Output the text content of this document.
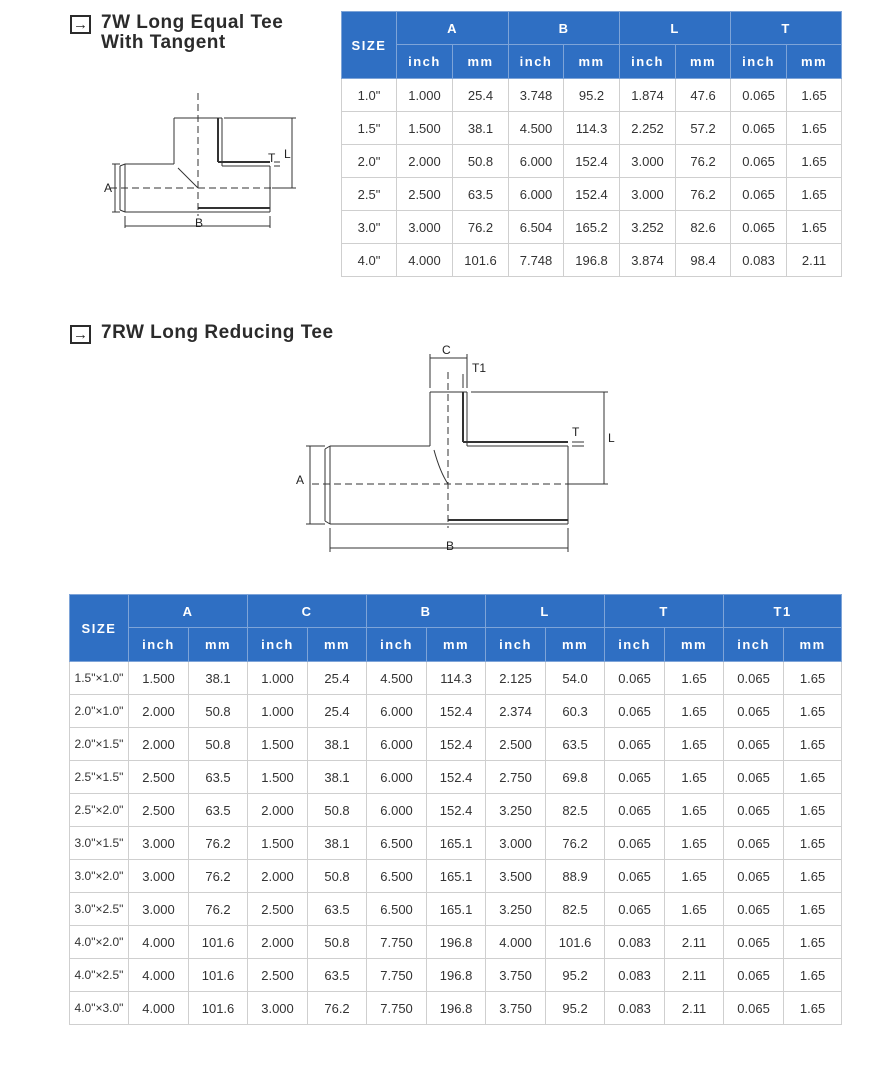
→ 7W Long Equal Tee
With Tangent
A
B
L
T
SIZE	A		B		L		T	
	inch	mm	inch	mm	inch	mm	inch	mm
1.0"	1.000	25.4	3.748	95.2	1.874	47.6	0.065	1.65
1.5"	1.500	38.1	4.500	114.3	2.252	57.2	0.065	1.65
2.0"	2.000	50.8	6.000	152.4	3.000	76.2	0.065	1.65
2.5"	2.500	63.5	6.000	152.4	3.000	76.2	0.065	1.65
3.0"	3.000	76.2	6.504	165.2	3.252	82.6	0.065	1.65
4.0"	4.000	101.6	7.748	196.8	3.874	98.4	0.083	2.11
→ 7RW Long Reducing Tee
A
B
C
T1
L
T
SIZE	A		C		B		L		T		T1	
	inch	mm	inch	mm	inch	mm	inch	mm	inch	mm	inch	mm
1.5"×1.0"	1.500	38.1	1.000	25.4	4.500	114.3	2.125	54.0	0.065	1.65	0.065	1.65
2.0"×1.0"	2.000	50.8	1.000	25.4	6.000	152.4	2.374	60.3	0.065	1.65	0.065	1.65
2.0"×1.5"	2.000	50.8	1.500	38.1	6.000	152.4	2.500	63.5	0.065	1.65	0.065	1.65
2.5"×1.5"	2.500	63.5	1.500	38.1	6.000	152.4	2.750	69.8	0.065	1.65	0.065	1.65
2.5"×2.0"	2.500	63.5	2.000	50.8	6.000	152.4	3.250	82.5	0.065	1.65	0.065	1.65
3.0"×1.5"	3.000	76.2	1.500	38.1	6.500	165.1	3.000	76.2	0.065	1.65	0.065	1.65
3.0"×2.0"	3.000	76.2	2.000	50.8	6.500	165.1	3.500	88.9	0.065	1.65	0.065	1.65
3.0"×2.5"	3.000	76.2	2.500	63.5	6.500	165.1	3.250	82.5	0.065	1.65	0.065	1.65
4.0"×2.0"	4.000	101.6	2.000	50.8	7.750	196.8	4.000	101.6	0.083	2.11	0.065	1.65
4.0"×2.5"	4.000	101.6	2.500	63.5	7.750	196.8	3.750	95.2	0.083	2.11	0.065	1.65
4.0"×3.0"	4.000	101.6	3.000	76.2	7.750	196.8	3.750	95.2	0.083	2.11	0.065	1.65
